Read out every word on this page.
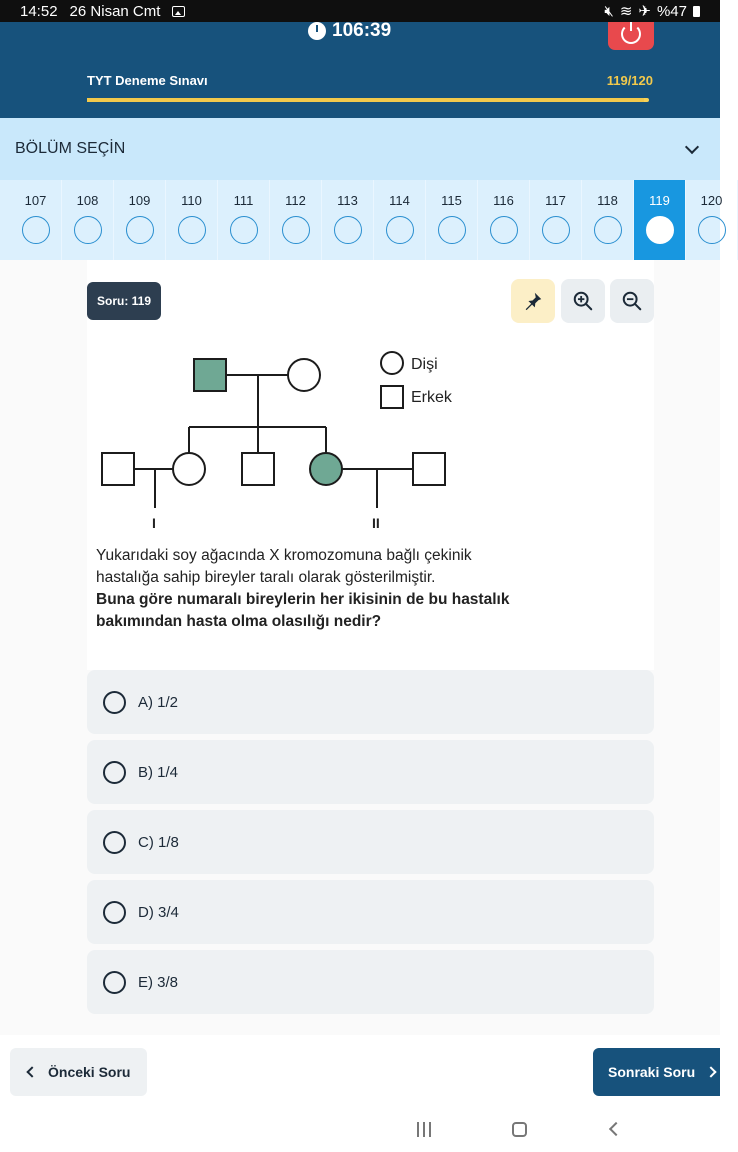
14:52 26 Nisan Cmt	🔇︎ ≋ ✈ %47
106:39
TYT Deneme Sınavı	119/120
BÖLÜM SEÇİN
107 108 109 110 111 112 113 114 115 116 117 118 119 120
Soru: 119
Dişi
Erkek
I	II

Yukarıdaki soy ağacında X kromozomuna bağlı çekinik

hastalığa sahip bireyler taralı olarak gösterilmiştir.

Buna göre numaralı bireylerin her ikisinin de bu hastalık

bakımından hasta olma olasılığı nedir?

A) 1/2
B) 1/4
C) 1/8
D) 3/4
E) 3/8
Önceki Soru	Sonraki Soru
